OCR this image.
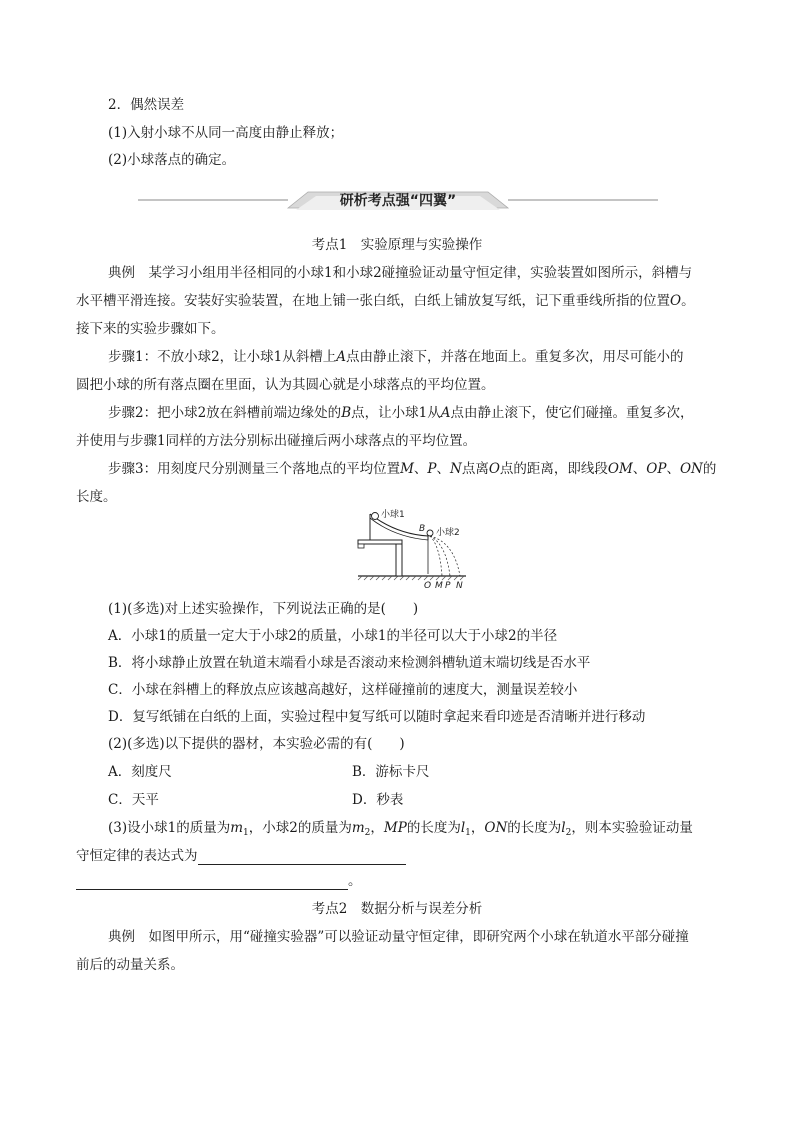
2．偶然误差
(1)入射小球不从同一高度由静止释放；
(2)小球落点的确定。
研析考点强“四翼”
考点1　实验原理与实验操作
典例　某学习小组用半径相同的小球1和小球2碰撞验证动量守恒定律，实验装置如图所示，斜槽与
水平槽平滑连接。安装好实验装置，在地上铺一张白纸，白纸上铺放复写纸，记下重垂线所指的位置O。
接下来的实验步骤如下。
步骤1：不放小球2，让小球1从斜槽上A点由静止滚下，并落在地面上。重复多次，用尽可能小的
圆把小球的所有落点圈在里面，认为其圆心就是小球落点的平均位置。
步骤2：把小球2放在斜槽前端边缘处的B点，让小球1从A点由静止滚下，使它们碰撞。重复多次，
并使用与步骤1同样的方法分别标出碰撞后两小球落点的平均位置。
步骤3：用刻度尺分别测量三个落地点的平均位置M、P、N点离O点的距离，即线段OM、OP、ON的
长度。
小球1
小球2
B
O M P N
(1)(多选)对上述实验操作，下列说法正确的是(　　)
A．小球1的质量一定大于小球2的质量，小球1的半径可以大于小球2的半径
B．将小球静止放置在轨道末端看小球是否滚动来检测斜槽轨道末端切线是否水平
C．小球在斜槽上的释放点应该越高越好，这样碰撞前的速度大，测量误差较小
D．复写纸铺在白纸的上面，实验过程中复写纸可以随时拿起来看印迹是否清晰并进行移动
(2)(多选)以下提供的器材，本实验必需的有(　　)
A．刻度尺	B．游标卡尺
C．天平	D．秒表
(3)设小球1的质量为$m_1$，小球2的质量为$m_2$，MP的长度为$l_1$，ON的长度为$l_2$，则本实验验证动量
守恒定律的表达式为
。
考点2　数据分析与误差分析
典例　如图甲所示，用“碰撞实验器”可以验证动量守恒定律，即研究两个小球在轨道水平部分碰撞
前后的动量关系。
